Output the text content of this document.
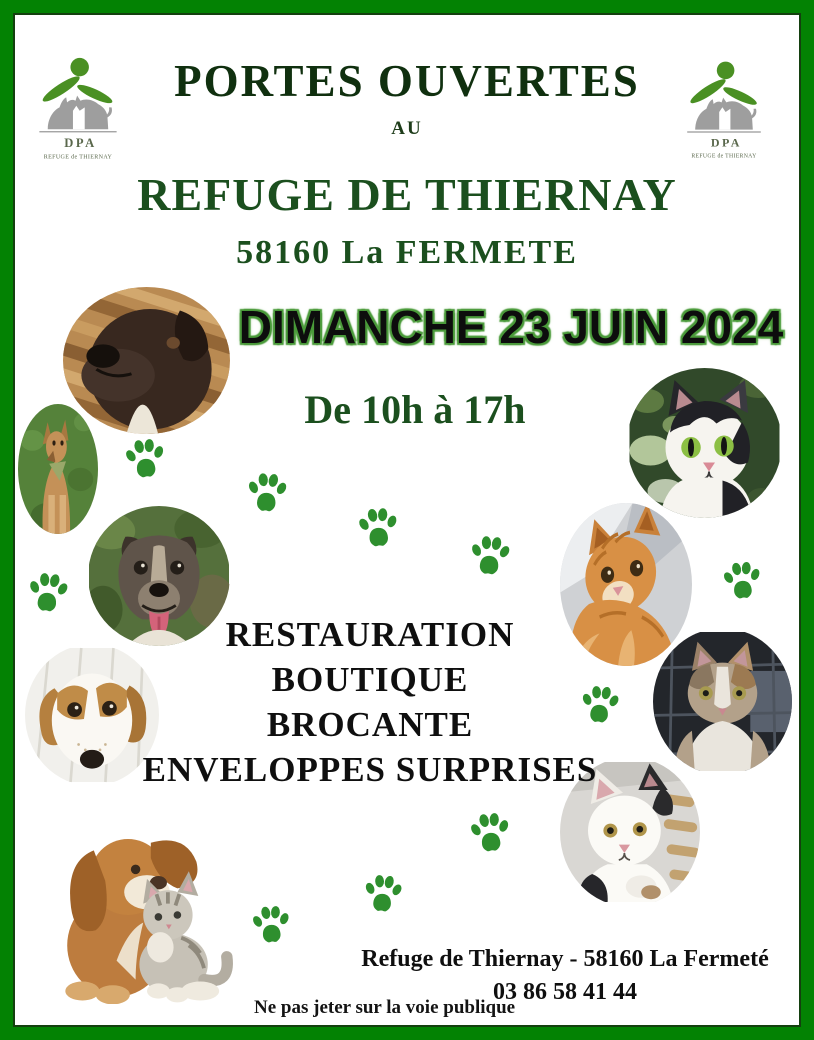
DPA
REFUGE de THIERNAY
DPA
REFUGE de THIERNAY
PORTES OUVERTES
AU
REFUGE DE THIERNAY
58160 La FERMETE
DIMANCHE 23 JUIN 2024
De 10h à 17h
RESTAURATION
BOUTIQUE
BROCANTE
ENVELOPPES SURPRISES
Refuge de Thiernay - 58160 La Fermeté
03 86 58 41 44
Ne pas jeter sur la voie publique
